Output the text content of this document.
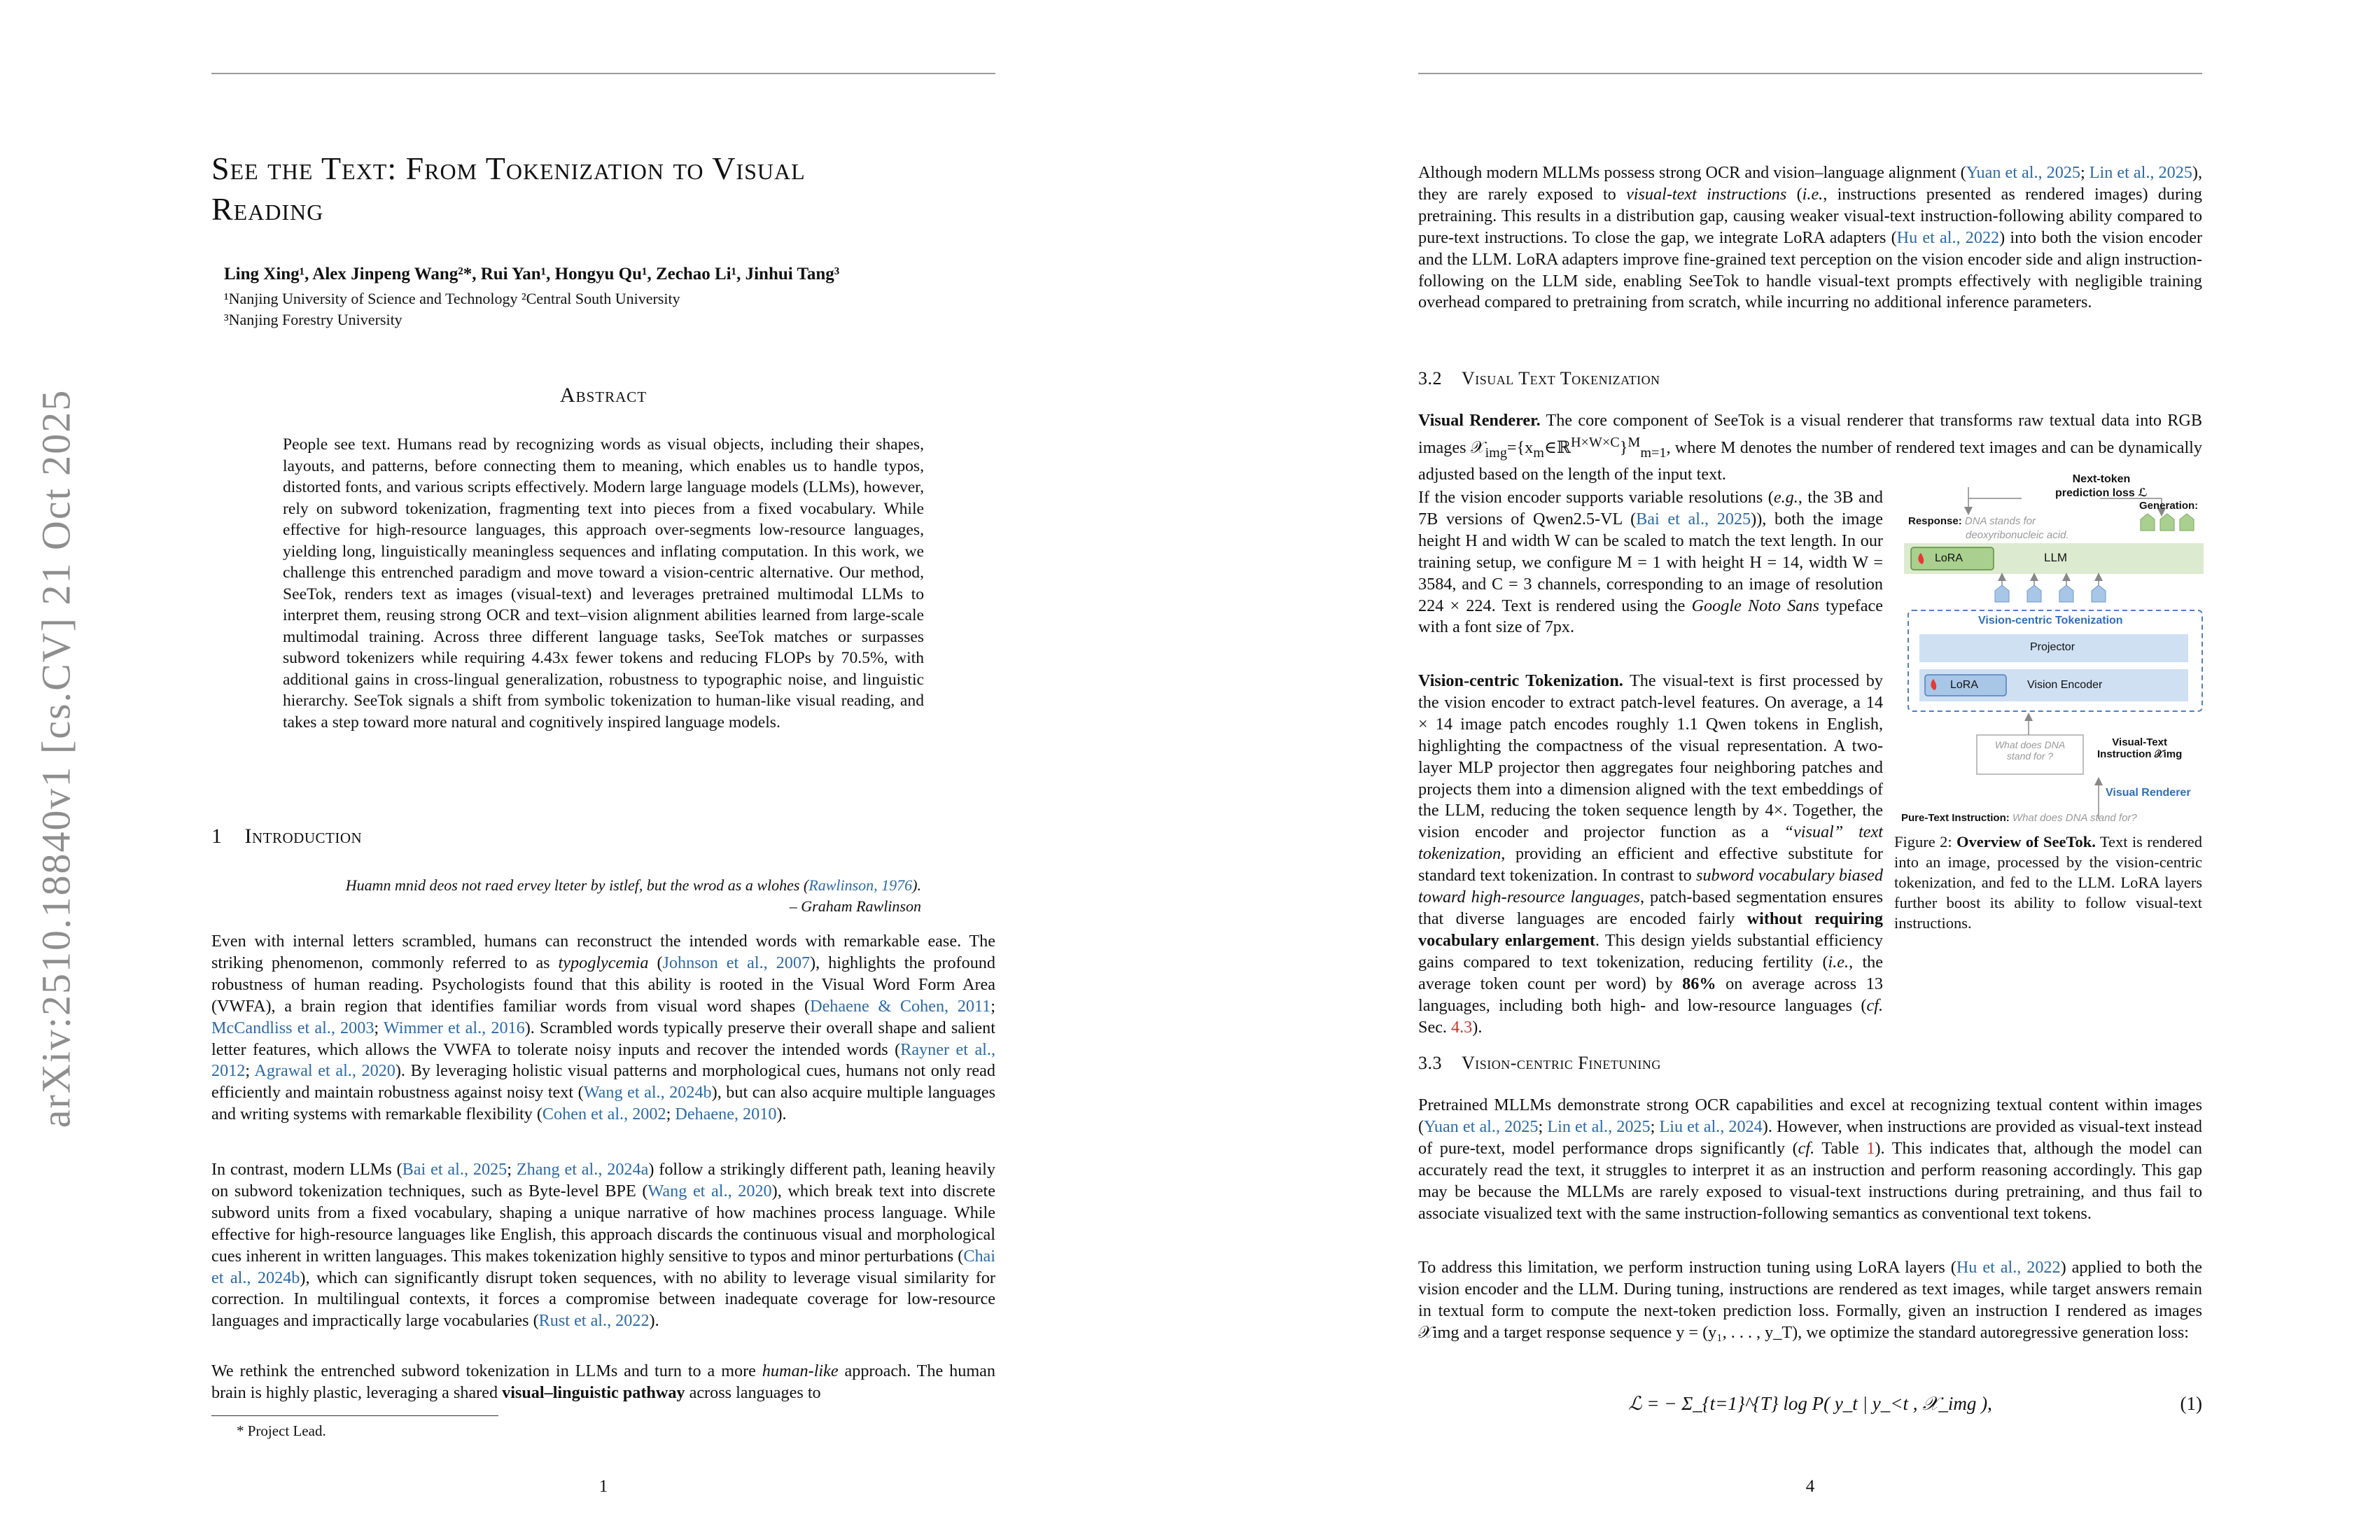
arXiv:2510.18840v1 [cs.CV] 21 Oct 2025
See the Text: From Tokenization to Visual
Reading
Ling Xing¹, Alex Jinpeng Wang²*, Rui Yan¹, Hongyu Qu¹, Zechao Li¹, Jinhui Tang³
¹Nanjing University of Science and Technology ²Central South University
³Nanjing Forestry University
Abstract
People see text. Humans read by recognizing words as visual objects, including their shapes, layouts, and patterns, before connecting them to meaning, which enables us to handle typos, distorted fonts, and various scripts effectively. Modern large language models (LLMs), however, rely on subword tokenization, fragmenting text into pieces from a fixed vocabulary. While effective for high-resource languages, this approach over-segments low-resource languages, yielding long, linguistically meaningless sequences and inflating computation. In this work, we challenge this entrenched paradigm and move toward a vision-centric alternative. Our method, SeeTok, renders text as images (visual-text) and leverages pretrained multimodal LLMs to interpret them, reusing strong OCR and text–vision alignment abilities learned from large-scale multimodal training. Across three different language tasks, SeeTok matches or surpasses subword tokenizers while requiring 4.43x fewer tokens and reducing FLOPs by 70.5%, with additional gains in cross-lingual generalization, robustness to typographic noise, and linguistic hierarchy. SeeTok signals a shift from symbolic tokenization to human-like visual reading, and takes a step toward more natural and cognitively inspired language models.
1 Introduction
Huamn mnid deos not raed ervey lteter by istlef, but the wrod as a wlohes (Rawlinson, 1976).
– Graham Rawlinson
Even with internal letters scrambled, humans can reconstruct the intended words with remarkable ease. The striking phenomenon, commonly referred to as typoglycemia (Johnson et al., 2007), highlights the profound robustness of human reading. Psychologists found that this ability is rooted in the Visual Word Form Area (VWFA), a brain region that identifies familiar words from visual word shapes (Dehaene & Cohen, 2011; McCandliss et al., 2003; Wimmer et al., 2016). Scrambled words typically preserve their overall shape and salient letter features, which allows the VWFA to tolerate noisy inputs and recover the intended words (Rayner et al., 2012; Agrawal et al., 2020). By leveraging holistic visual patterns and morphological cues, humans not only read efficiently and maintain robustness against noisy text (Wang et al., 2024b), but can also acquire multiple languages and writing systems with remarkable flexibility (Cohen et al., 2002; Dehaene, 2010).
In contrast, modern LLMs (Bai et al., 2025; Zhang et al., 2024a) follow a strikingly different path, leaning heavily on subword tokenization techniques, such as Byte-level BPE (Wang et al., 2020), which break text into discrete subword units from a fixed vocabulary, shaping a unique narrative of how machines process language. While effective for high-resource languages like English, this approach discards the continuous visual and morphological cues inherent in written languages. This makes tokenization highly sensitive to typos and minor perturbations (Chai et al., 2024b), which can significantly disrupt token sequences, with no ability to leverage visual similarity for correction. In multilingual contexts, it forces a compromise between inadequate coverage for low-resource languages and impractically large vocabularies (Rust et al., 2022).
We rethink the entrenched subword tokenization in LLMs and turn to a more human-like approach. The human brain is highly plastic, leveraging a shared visual–linguistic pathway across languages to
* Project Lead.
1
Although modern MLLMs possess strong OCR and vision–language alignment (Yuan et al., 2025; Lin et al., 2025), they are rarely exposed to visual-text instructions (i.e., instructions presented as rendered images) during pretraining. This results in a distribution gap, causing weaker visual-text instruction-following ability compared to pure-text instructions. To close the gap, we integrate LoRA adapters (Hu et al., 2022) into both the vision encoder and the LLM. LoRA adapters improve fine-grained text perception on the vision encoder side and align instruction-following on the LLM side, enabling SeeTok to handle visual-text prompts effectively with negligible training overhead compared to pretraining from scratch, while incurring no additional inference parameters.
3.2 Visual Text Tokenization
Visual Renderer. The core component of SeeTok is a visual renderer that transforms raw textual data into RGB images $𝒳_{img}=\{x_m\in ℝ^{H\times W\times C}\}^M_{m=1}$, where M denotes the number of rendered text images and can be dynamically adjusted based on the length of the input text.
If the vision encoder supports variable resolutions (e.g., the 3B and 7B versions of Qwen2.5-VL (Bai et al., 2025)), both the image height H and width W can be scaled to match the text length. In our training setup, we configure M = 1 with height H = 14, width W = 3584, and C = 3 channels, corresponding to an image of resolution 224 × 224. Text is rendered using the Google Noto Sans typeface with a font size of 7px.
Vision-centric Tokenization. The visual-text is first processed by the vision encoder to extract patch-level features. On average, a 14 × 14 image patch encodes roughly 1.1 Qwen tokens in English, highlighting the compactness of the visual representation. A two-layer MLP projector then aggregates four neighboring patches and projects them into a dimension aligned with the text embeddings of the LLM, reducing the token sequence length by 4×. Together, the vision encoder and projector function as a “visual” text tokenization, providing an efficient and effective substitute for standard text tokenization. In contrast to subword vocabulary biased toward high-resource languages, patch-based segmentation ensures that diverse languages are encoded fairly without requiring vocabulary enlargement. This design yields substantial efficiency gains compared to text tokenization, reducing fertility (i.e., the average token count per word) by 86% on average across 13 languages, including both high- and low-resource languages (cf. Sec. 4.3).
Next-token
prediction loss ℒ
Response: DNA stands for
deoxyribonucleic acid.
Generation:
LoRA	LLM
Vision-centric Tokenization
Projector
LoRA	Vision Encoder
What does DNA
stand for ?
Visual-Text
Instruction 𝒳img
Visual Renderer
Pure-Text Instruction: What does DNA stand for?
Figure 2: Overview of SeeTok. Text is rendered into an image, processed by the vision-centric tokenization, and fed to the LLM. LoRA layers further boost its ability to follow visual-text instructions.
3.3 Vision-centric Finetuning
Pretrained MLLMs demonstrate strong OCR capabilities and excel at recognizing textual content within images (Yuan et al., 2025; Lin et al., 2025; Liu et al., 2024). However, when instructions are provided as visual-text instead of pure-text, model performance drops significantly (cf. Table 1). This indicates that, although the model can accurately read the text, it struggles to interpret it as an instruction and perform reasoning accordingly. This gap may be because the MLLMs are rarely exposed to visual-text instructions during pretraining, and thus fail to associate visualized text with the same instruction-following semantics as conventional text tokens.
To address this limitation, we perform instruction tuning using LoRA layers (Hu et al., 2022) applied to both the vision encoder and the LLM. During tuning, instructions are rendered as text images, while target answers remain in textual form to compute the next-token prediction loss. Formally, given an instruction I rendered as images 𝒳img and a target response sequence y = (y₁, . . . , y_T), we optimize the standard autoregressive generation loss:
ℒ = − Σ_{t=1}^{T} log P( y_t | y_<t , 𝒳_img ),	(1)
4
